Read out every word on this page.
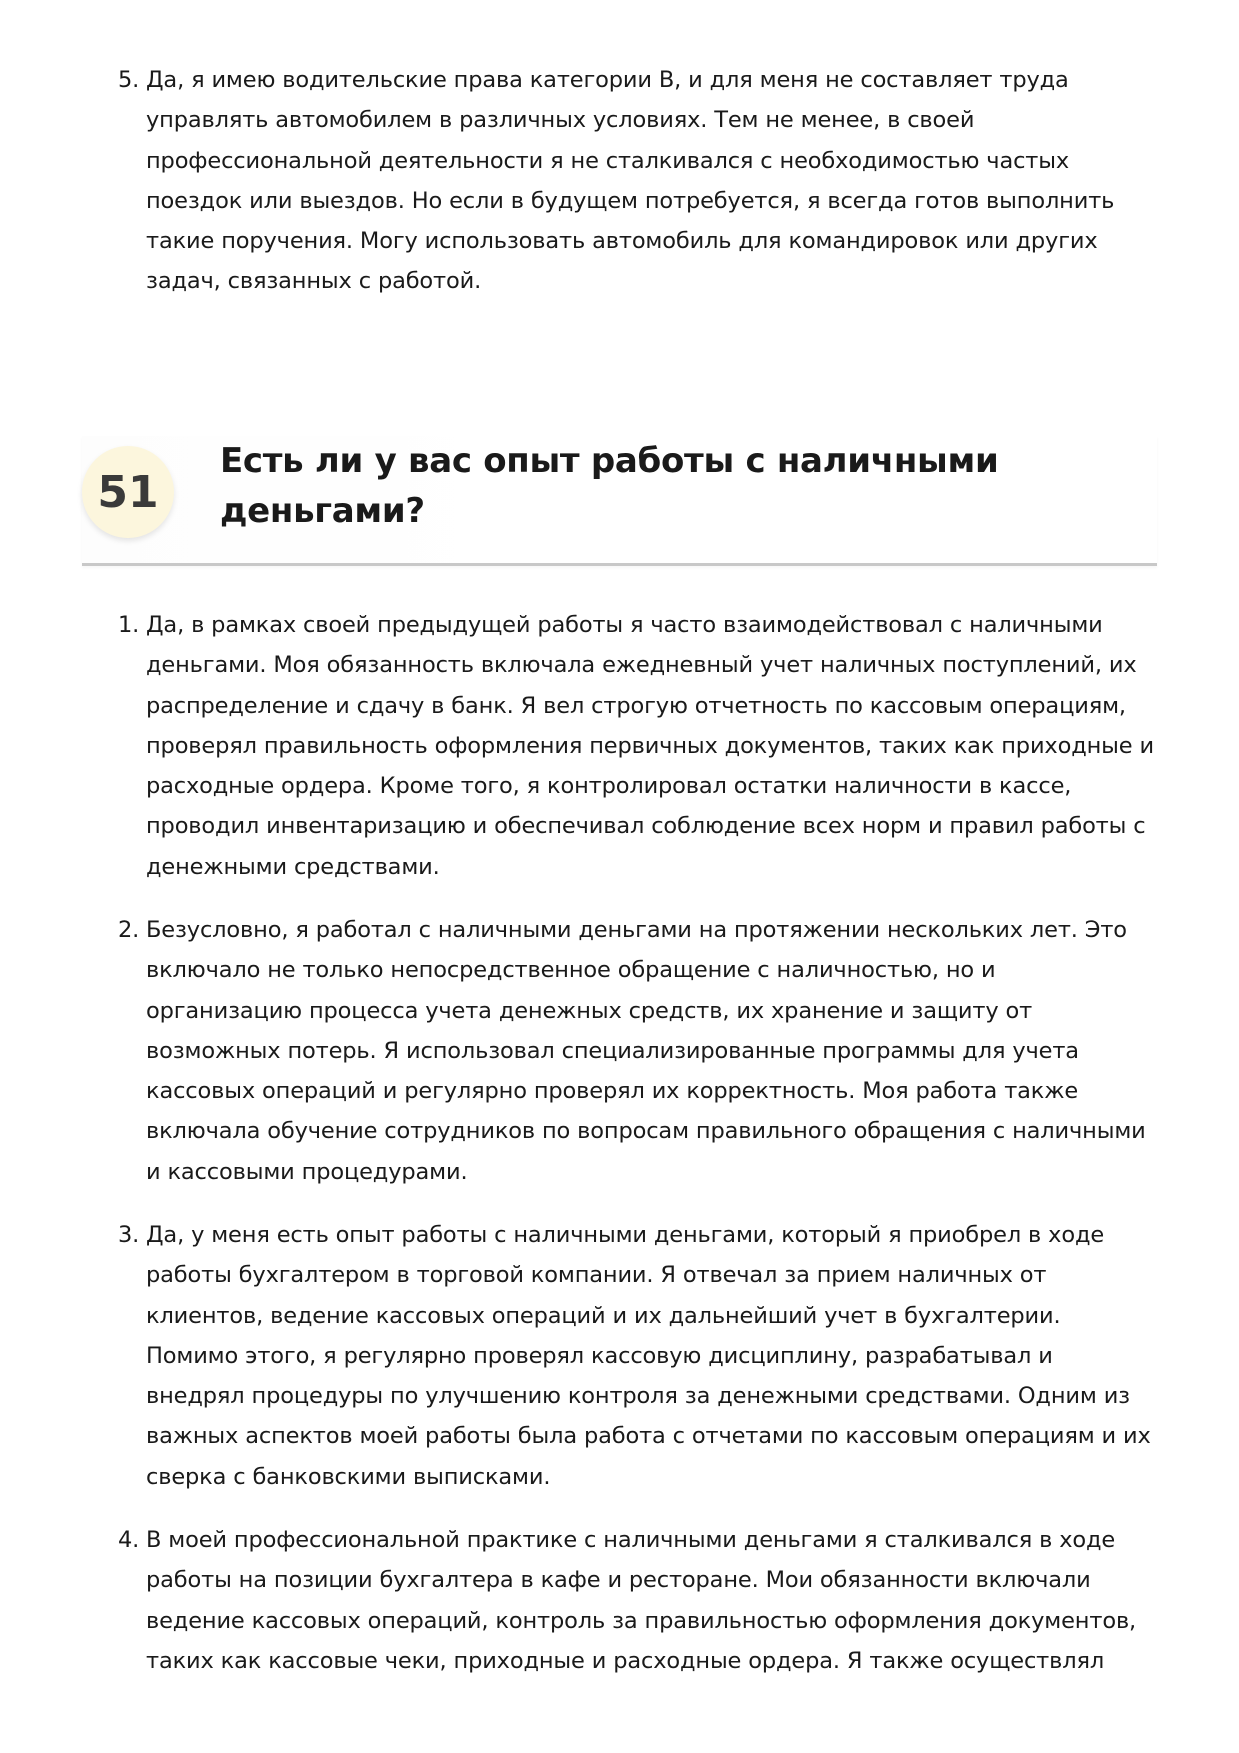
5. Да, я имею водительские права категории B, и для меня не составляет труда управлять автомобилем в различных условиях. Тем не менее, в своей профессиональной деятельности я не сталкивался с необходимостью частых поездок или выездов. Но если в будущем потребуется, я всегда готов выполнить такие поручения. Могу использовать автомобиль для командировок или других задач, связанных с работой.
51
Есть ли у вас опыт работы с наличными деньгами?
1. Да, в рамках своей предыдущей работы я часто взаимодействовал с наличными деньгами. Моя обязанность включала ежедневный учет наличных поступлений, их распределение и сдачу в банк. Я вел строгую отчетность по кассовым операциям, проверял правильность оформления первичных документов, таких как приходные и расходные ордера. Кроме того, я контролировал остатки наличности в кассе, проводил инвентаризацию и обеспечивал соблюдение всех норм и правил работы с денежными средствами.
2. Безусловно, я работал с наличными деньгами на протяжении нескольких лет. Это включало не только непосредственное обращение с наличностью, но и организацию процесса учета денежных средств, их хранение и защиту от возможных потерь. Я использовал специализированные программы для учета кассовых операций и регулярно проверял их корректность. Моя работа также включала обучение сотрудников по вопросам правильного обращения с наличными и кассовыми процедурами.
3. Да, у меня есть опыт работы с наличными деньгами, который я приобрел в ходе работы бухгалтером в торговой компании. Я отвечал за прием наличных от клиентов, ведение кассовых операций и их дальнейший учет в бухгалтерии. Помимо этого, я регулярно проверял кассовую дисциплину, разрабатывал и внедрял процедуры по улучшению контроля за денежными средствами. Одним из важных аспектов моей работы была работа с отчетами по кассовым операциям и их сверка с банковскими выписками.
4. В моей профессиональной практике с наличными деньгами я сталкивался в ходе работы на позиции бухгалтера в кафе и ресторане. Мои обязанности включали ведение кассовых операций, контроль за правильностью оформления документов, таких как кассовые чеки, приходные и расходные ордера. Я также осуществлял
